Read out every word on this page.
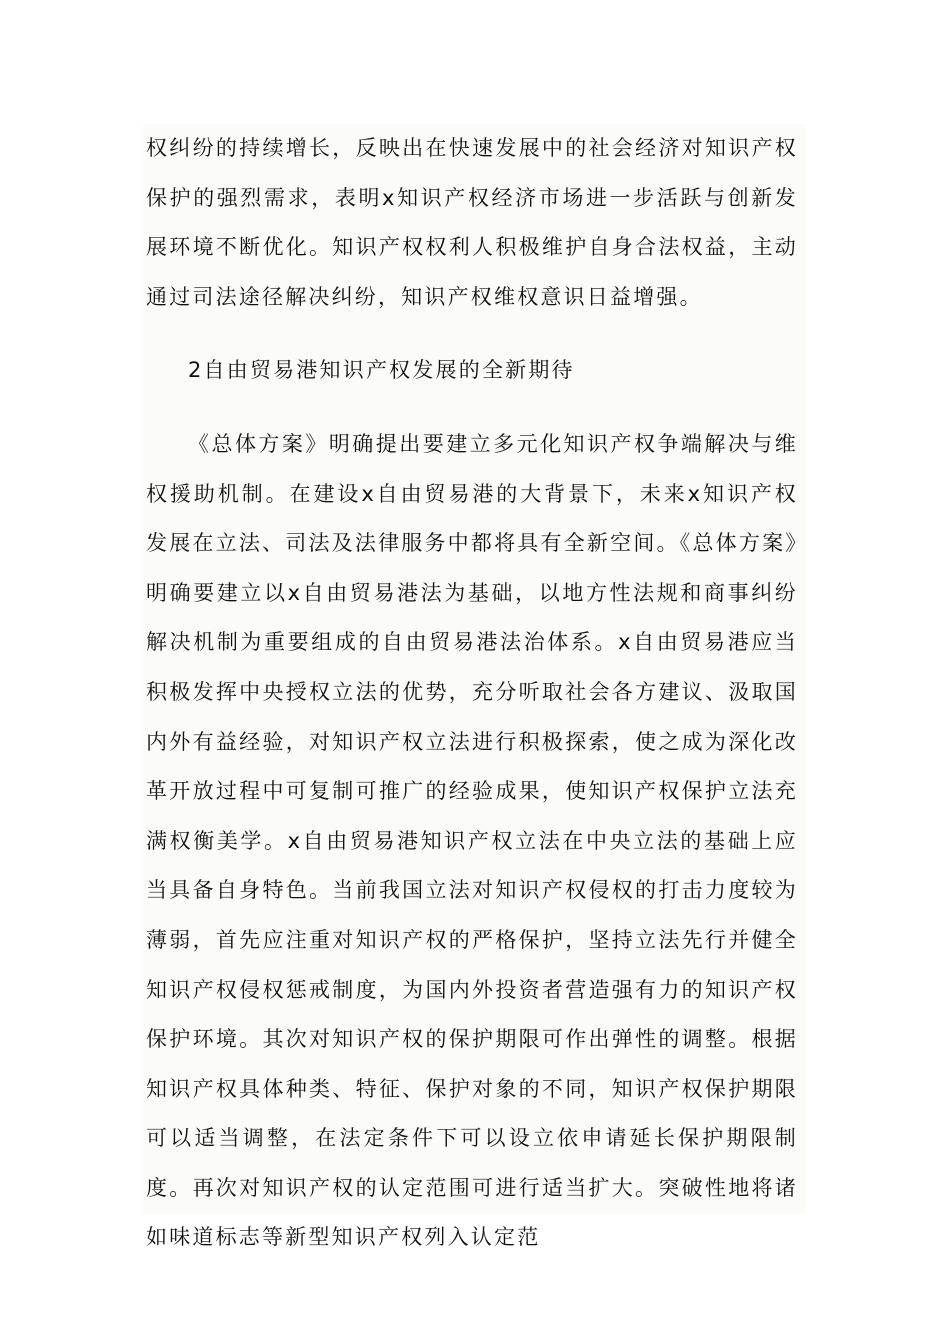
权纠纷的持续增长，反映出在快速发展中的社会经济对知识产权保护的强烈需求，表明x知识产权经济市场进一步活跃与创新发展环境不断优化。知识产权权利人积极维护自身合法权益，主动通过司法途径解决纠纷，知识产权维权意识日益增强。

2自由贸易港知识产权发展的全新期待

《总体方案》明确提出要建立多元化知识产权争端解决与维权援助机制。在建设x自由贸易港的大背景下，未来x知识产权发展在立法、司法及法律服务中都将具有全新空间。《总体方案》明确要建立以x自由贸易港法为基础，以地方性法规和商事纠纷解决机制为重要组成的自由贸易港法治体系。x自由贸易港应当积极发挥中央授权立法的优势，充分听取社会各方建议、汲取国内外有益经验，对知识产权立法进行积极探索，使之成为深化改革开放过程中可复制可推广的经验成果，使知识产权保护立法充满权衡美学。x自由贸易港知识产权立法在中央立法的基础上应当具备自身特色。当前我国立法对知识产权侵权的打击力度较为薄弱，首先应注重对知识产权的严格保护，坚持立法先行并健全知识产权侵权惩戒制度，为国内外投资者营造强有力的知识产权保护环境。其次对知识产权的保护期限可作出弹性的调整。根据知识产权具体种类、特征、保护对象的不同，知识产权保护期限可以适当调整，在法定条件下可以设立依申请延长保护期限制度。再次对知识产权的认定范围可进行适当扩大。突破性地将诸如味道标志等新型知识产权列入认定范
